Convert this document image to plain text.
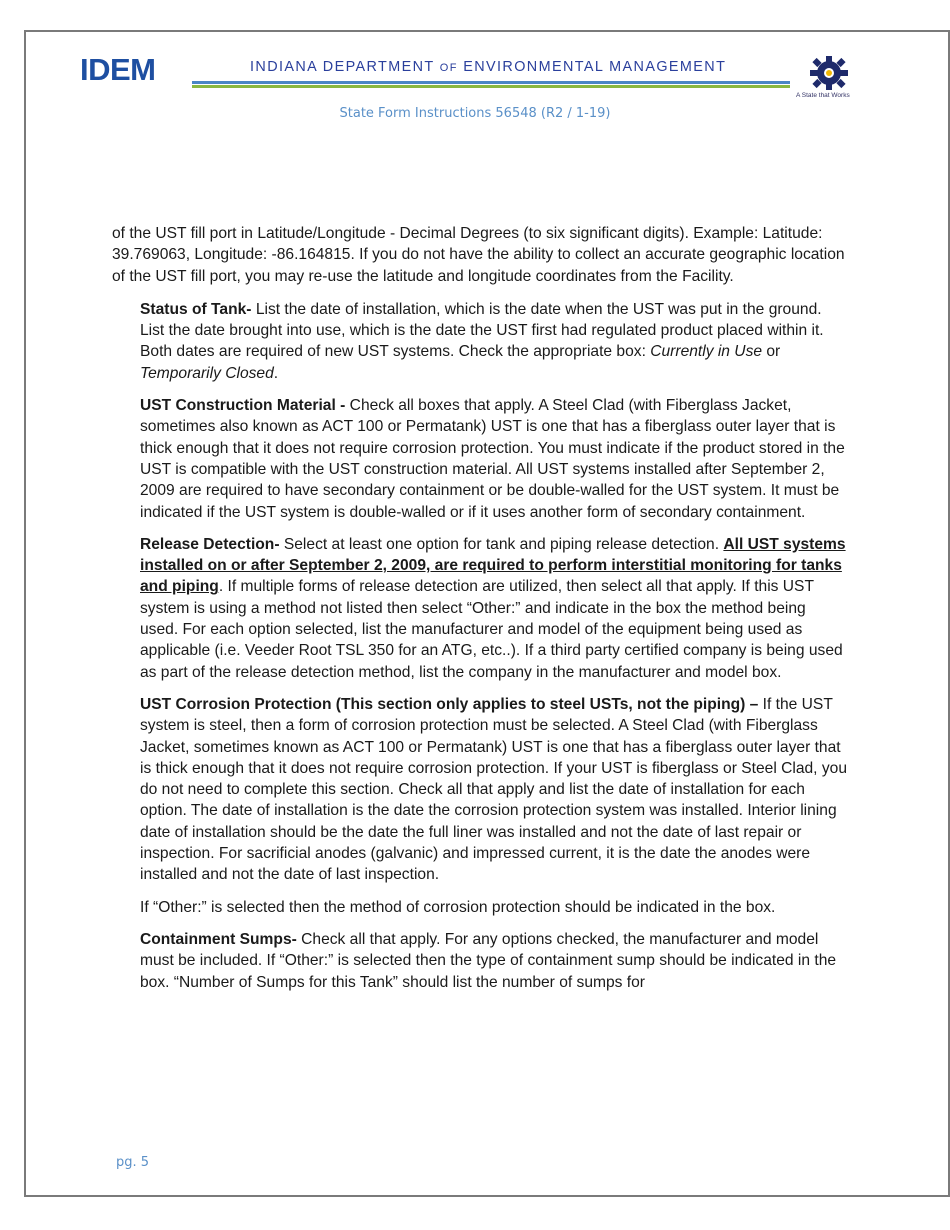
IDEM	INDIANA DEPARTMENT OF ENVIRONMENTAL MANAGEMENT
A State that Works
State Form Instructions 56548 (R2 / 1-19)

of the UST fill port in Latitude/Longitude - Decimal Degrees (to six significant digits). Example: Latitude: 39.769063, Longitude: -86.164815. If you do not have the ability to collect an accurate geographic location of the UST fill port, you may re-use the latitude and longitude coordinates from the Facility.

Status of Tank- List the date of installation, which is the date when the UST was put in the ground. List the date brought into use, which is the date the UST first had regulated product placed within it. Both dates are required of new UST systems. Check the appropriate box: Currently in Use or Temporarily Closed.

UST Construction Material - Check all boxes that apply. A Steel Clad (with Fiberglass Jacket, sometimes also known as ACT 100 or Permatank) UST is one that has a fiberglass outer layer that is thick enough that it does not require corrosion protection. You must indicate if the product stored in the UST is compatible with the UST construction material. All UST systems installed after September 2, 2009 are required to have secondary containment or be double-walled for the UST system. It must be indicated if the UST system is double-walled or if it uses another form of secondary containment.

Release Detection- Select at least one option for tank and piping release detection. All UST systems installed on or after September 2, 2009, are required to perform interstitial monitoring for tanks and piping. If multiple forms of release detection are utilized, then select all that apply. If this UST system is using a method not listed then select “Other:” and indicate in the box the method being used. For each option selected, list the manufacturer and model of the equipment being used as applicable (i.e. Veeder Root TSL 350 for an ATG, etc..). If a third party certified company is being used as part of the release detection method, list the company in the manufacturer and model box.

UST Corrosion Protection (This section only applies to steel USTs, not the piping) – If the UST system is steel, then a form of corrosion protection must be selected. A Steel Clad (with Fiberglass Jacket, sometimes known as ACT 100 or Permatank) UST is one that has a fiberglass outer layer that is thick enough that it does not require corrosion protection. If your UST is fiberglass or Steel Clad, you do not need to complete this section. Check all that apply and list the date of installation for each option. The date of installation is the date the corrosion protection system was installed. Interior lining date of installation should be the date the full liner was installed and not the date of last repair or inspection. For sacrificial anodes (galvanic) and impressed current, it is the date the anodes were installed and not the date of last inspection.

If “Other:” is selected then the method of corrosion protection should be indicated in the box.

Containment Sumps- Check all that apply. For any options checked, the manufacturer and model must be included. If “Other:” is selected then the type of containment sump should be indicated in the box. “Number of Sumps for this Tank” should list the number of sumps for

pg. 5
